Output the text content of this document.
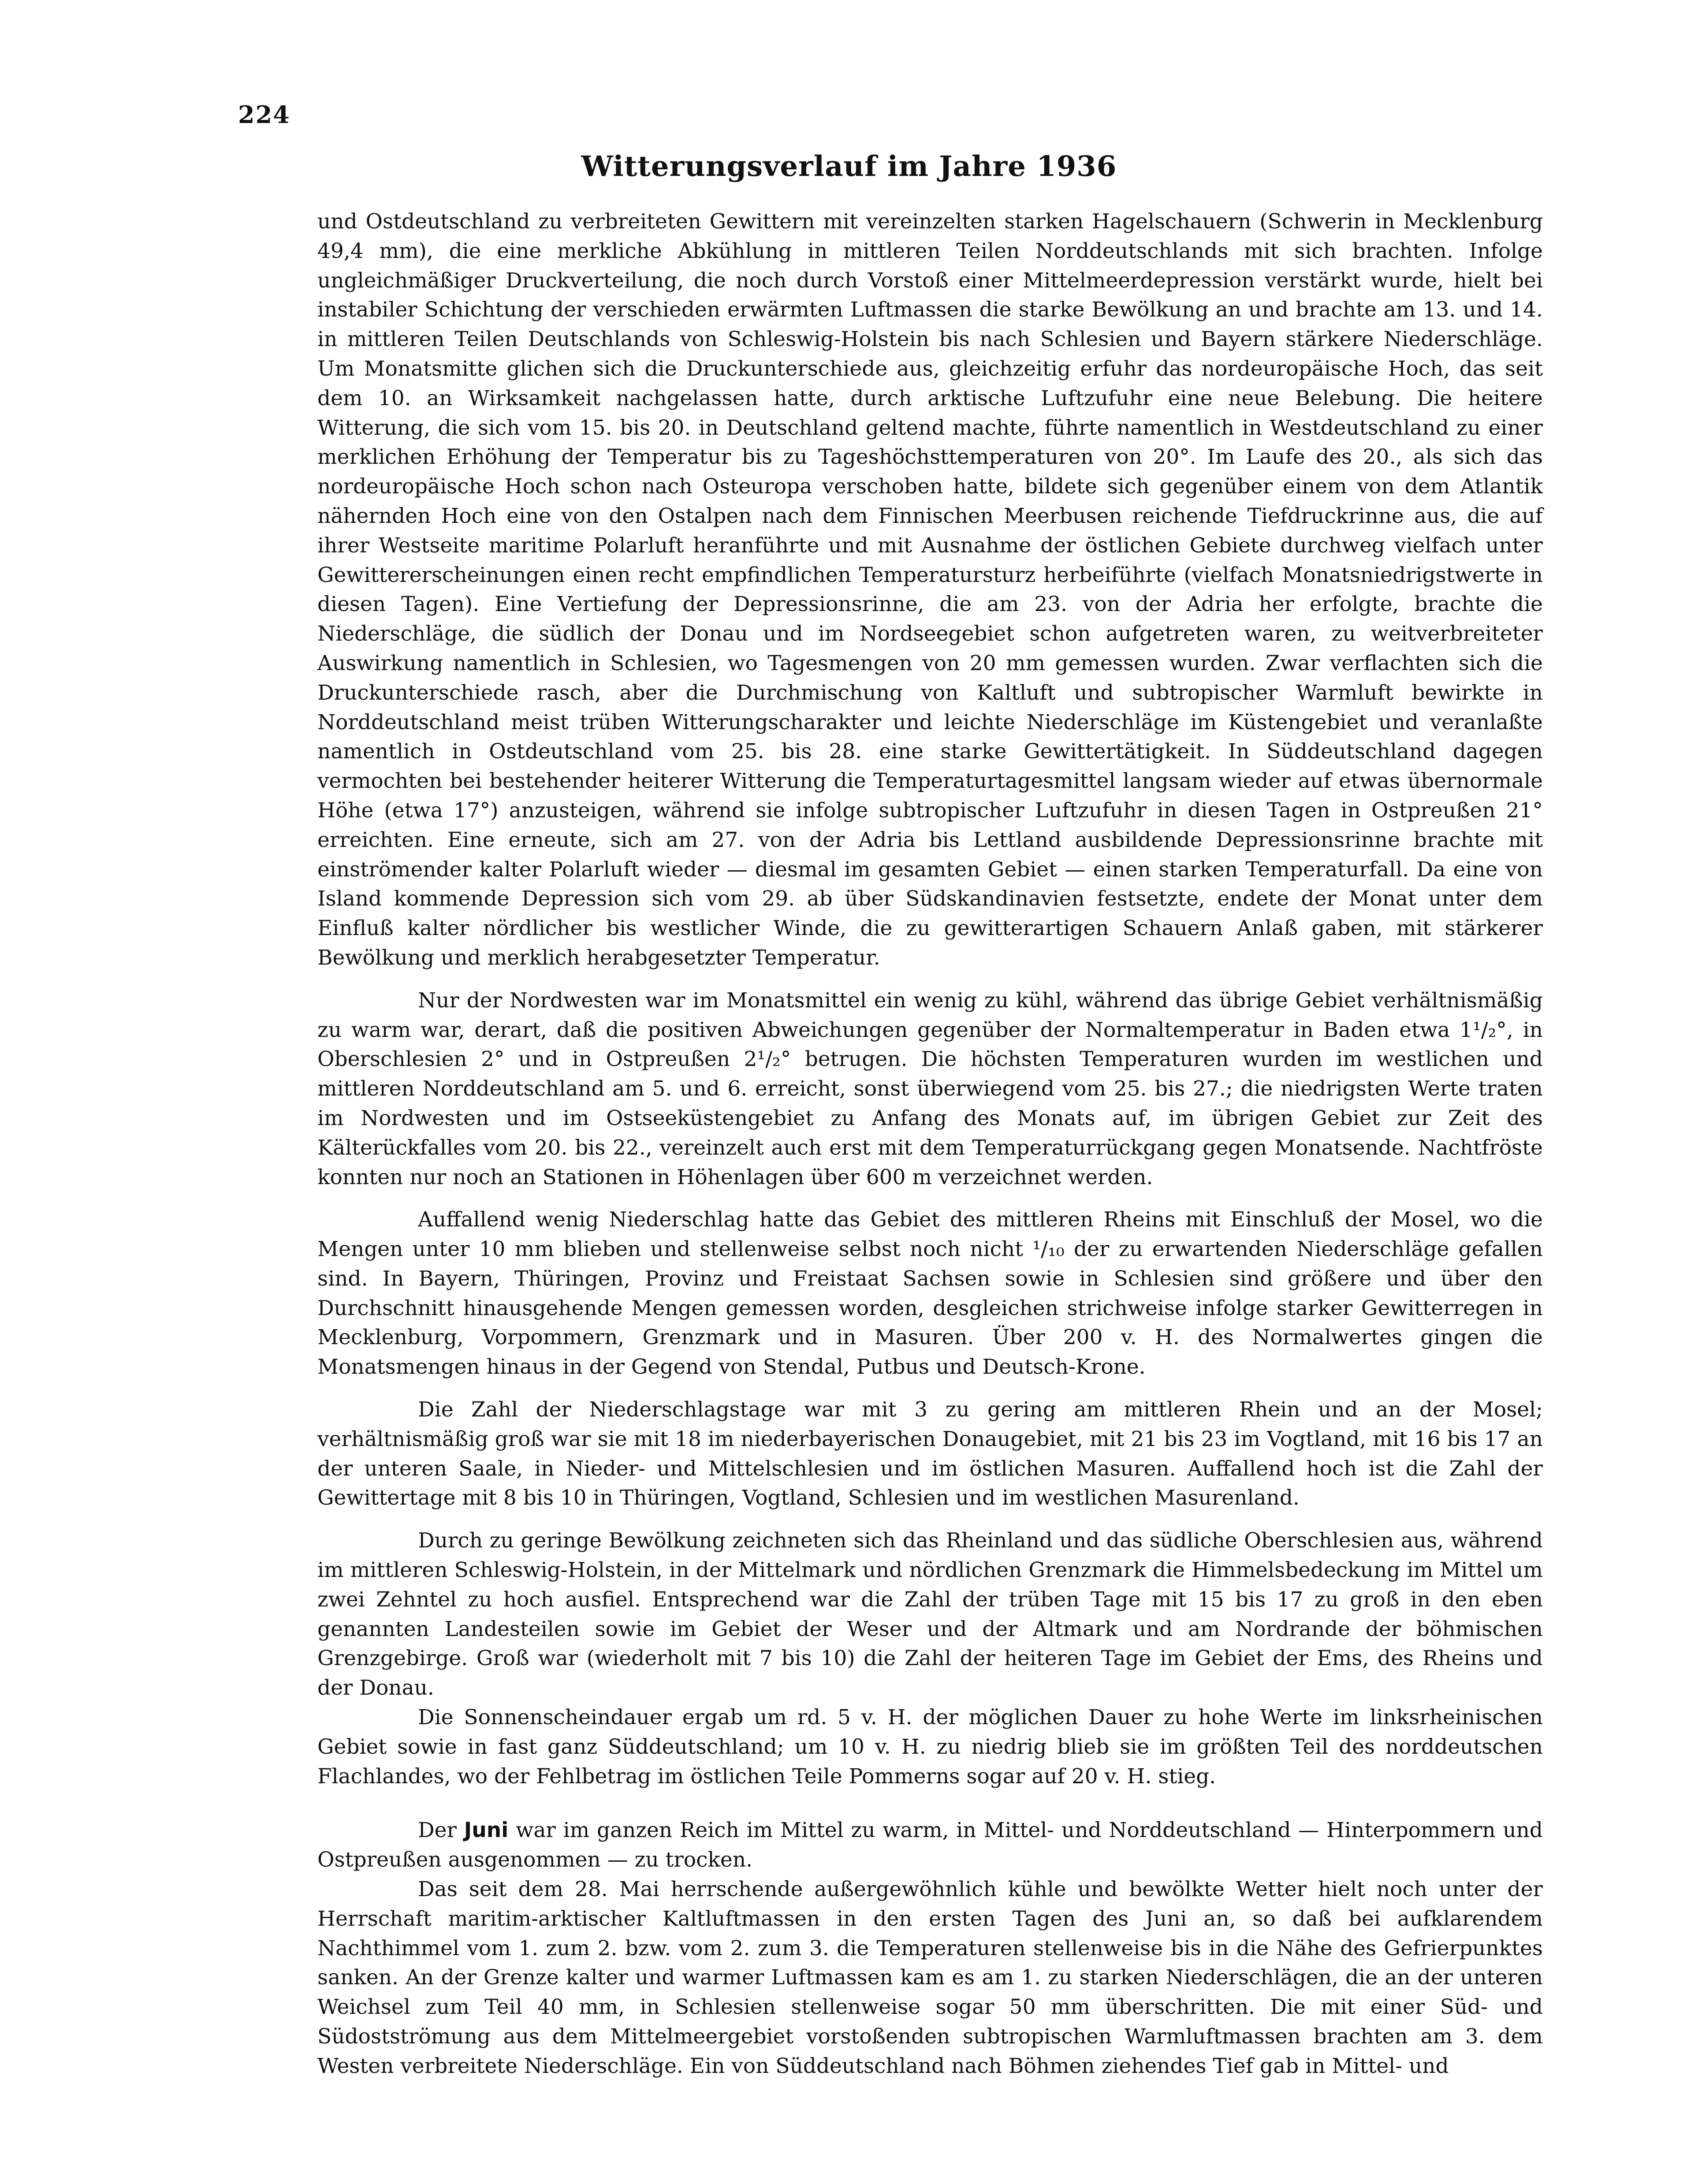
224
Witterungsverlauf im Jahre 1936

und Ostdeutschland zu verbreiteten Gewittern mit vereinzelten starken Hagelschauern (Schwerin in Mecklenburg 49,4 mm), die eine merkliche Abkühlung in mittleren Teilen Norddeutschlands mit sich brachten. Infolge ungleichmäßiger Druckverteilung, die noch durch Vorstoß einer Mittelmeerdepression verstärkt wurde, hielt bei instabiler Schichtung der verschieden erwärmten Luftmassen die starke Bewölkung an und brachte am 13. und 14. in mittleren Teilen Deutschlands von Schleswig-Holstein bis nach Schlesien und Bayern stärkere Niederschläge. Um Monatsmitte glichen sich die Druckunterschiede aus, gleichzeitig erfuhr das nordeuropäische Hoch, das seit dem 10. an Wirksamkeit nachgelassen hatte, durch arktische Luftzufuhr eine neue Belebung. Die heitere Witterung, die sich vom 15. bis 20. in Deutschland geltend machte, führte namentlich in Westdeutschland zu einer merklichen Erhöhung der Temperatur bis zu Tageshöchsttemperaturen von 20°. Im Laufe des 20., als sich das nordeuropäische Hoch schon nach Osteuropa verschoben hatte, bildete sich gegenüber einem von dem Atlantik nähernden Hoch eine von den Ostalpen nach dem Finnischen Meerbusen reichende Tiefdruckrinne aus, die auf ihrer Westseite maritime Polarluft heranführte und mit Ausnahme der östlichen Gebiete durchweg vielfach unter Gewittererscheinungen einen recht empfindlichen Temperatursturz herbeiführte (vielfach Monatsniedrigstwerte in diesen Tagen). Eine Vertiefung der Depressionsrinne, die am 23. von der Adria her erfolgte, brachte die Niederschläge, die südlich der Donau und im Nordseegebiet schon aufgetreten waren, zu weitverbreiteter Auswirkung namentlich in Schlesien, wo Tagesmengen von 20 mm gemessen wurden. Zwar verflachten sich die Druckunterschiede rasch, aber die Durchmischung von Kaltluft und subtropischer Warmluft bewirkte in Norddeutschland meist trüben Witterungscharakter und leichte Niederschläge im Küstengebiet und veranlaßte namentlich in Ostdeutschland vom 25. bis 28. eine starke Gewittertätigkeit. In Süddeutschland dagegen vermochten bei bestehender heiterer Witterung die Temperaturtagesmittel langsam wieder auf etwas übernormale Höhe (etwa 17°) anzusteigen, während sie infolge subtropischer Luftzufuhr in diesen Tagen in Ostpreußen 21° erreichten. Eine erneute, sich am 27. von der Adria bis Lettland ausbildende Depressionsrinne brachte mit einströmender kalter Polarluft wieder — diesmal im gesamten Gebiet — einen starken Temperaturfall. Da eine von Island kommende Depression sich vom 29. ab über Südskandinavien festsetzte, endete der Monat unter dem Einfluß kalter nördlicher bis westlicher Winde, die zu gewitterartigen Schauern Anlaß gaben, mit stärkerer Bewölkung und merklich herabgesetzter Temperatur.

Nur der Nordwesten war im Monatsmittel ein wenig zu kühl, während das übrige Gebiet verhältnismäßig zu warm war, derart, daß die positiven Abweichungen gegenüber der Normaltemperatur in Baden etwa 1¹/₂°, in Oberschlesien 2° und in Ostpreußen 2¹/₂° betrugen. Die höchsten Temperaturen wurden im westlichen und mittleren Norddeutschland am 5. und 6. erreicht, sonst überwiegend vom 25. bis 27.; die niedrigsten Werte traten im Nordwesten und im Ostseeküstengebiet zu Anfang des Monats auf, im übrigen Gebiet zur Zeit des Kälterückfalles vom 20. bis 22., vereinzelt auch erst mit dem Temperaturrückgang gegen Monatsende. Nachtfröste konnten nur noch an Stationen in Höhenlagen über 600 m verzeichnet werden.

Auffallend wenig Niederschlag hatte das Gebiet des mittleren Rheins mit Einschluß der Mosel, wo die Mengen unter 10 mm blieben und stellenweise selbst noch nicht ¹/₁₀ der zu erwartenden Niederschläge gefallen sind. In Bayern, Thüringen, Provinz und Freistaat Sachsen sowie in Schlesien sind größere und über den Durchschnitt hinausgehende Mengen gemessen worden, desgleichen strichweise infolge starker Gewitterregen in Mecklenburg, Vorpommern, Grenzmark und in Masuren. Über 200 v. H. des Normalwertes gingen die Monatsmengen hinaus in der Gegend von Stendal, Putbus und Deutsch-Krone.

Die Zahl der Niederschlagstage war mit 3 zu gering am mittleren Rhein und an der Mosel; verhältnismäßig groß war sie mit 18 im niederbayerischen Donaugebiet, mit 21 bis 23 im Vogtland, mit 16 bis 17 an der unteren Saale, in Nieder- und Mittelschlesien und im östlichen Masuren. Auffallend hoch ist die Zahl der Gewittertage mit 8 bis 10 in Thüringen, Vogtland, Schlesien und im westlichen Masurenland.

Durch zu geringe Bewölkung zeichneten sich das Rheinland und das südliche Oberschlesien aus, während im mittleren Schleswig-Holstein, in der Mittelmark und nördlichen Grenzmark die Himmelsbedeckung im Mittel um zwei Zehntel zu hoch ausfiel. Entsprechend war die Zahl der trüben Tage mit 15 bis 17 zu groß in den eben genannten Landesteilen sowie im Gebiet der Weser und der Altmark und am Nordrande der böhmischen Grenzgebirge. Groß war (wiederholt mit 7 bis 10) die Zahl der heiteren Tage im Gebiet der Ems, des Rheins und der Donau.

Die Sonnenscheindauer ergab um rd. 5 v. H. der möglichen Dauer zu hohe Werte im linksrheinischen Gebiet sowie in fast ganz Süddeutschland; um 10 v. H. zu niedrig blieb sie im größten Teil des norddeutschen Flachlandes, wo der Fehlbetrag im östlichen Teile Pommerns sogar auf 20 v. H. stieg.

Der Juni war im ganzen Reich im Mittel zu warm, in Mittel- und Norddeutschland — Hinterpommern und Ostpreußen ausgenommen — zu trocken.

Das seit dem 28. Mai herrschende außergewöhnlich kühle und bewölkte Wetter hielt noch unter der Herrschaft maritim-arktischer Kaltluftmassen in den ersten Tagen des Juni an, so daß bei aufklarendem Nachthimmel vom 1. zum 2. bzw. vom 2. zum 3. die Temperaturen stellenweise bis in die Nähe des Gefrierpunktes sanken. An der Grenze kalter und warmer Luftmassen kam es am 1. zu starken Niederschlägen, die an der unteren Weichsel zum Teil 40 mm, in Schlesien stellenweise sogar 50 mm überschritten. Die mit einer Süd- und Südostströmung aus dem Mittelmeergebiet vorstoßenden subtropischen Warmluftmassen brachten am 3. dem Westen verbreitete Niederschläge. Ein von Süddeutschland nach Böhmen ziehendes Tief gab in Mittel- und
